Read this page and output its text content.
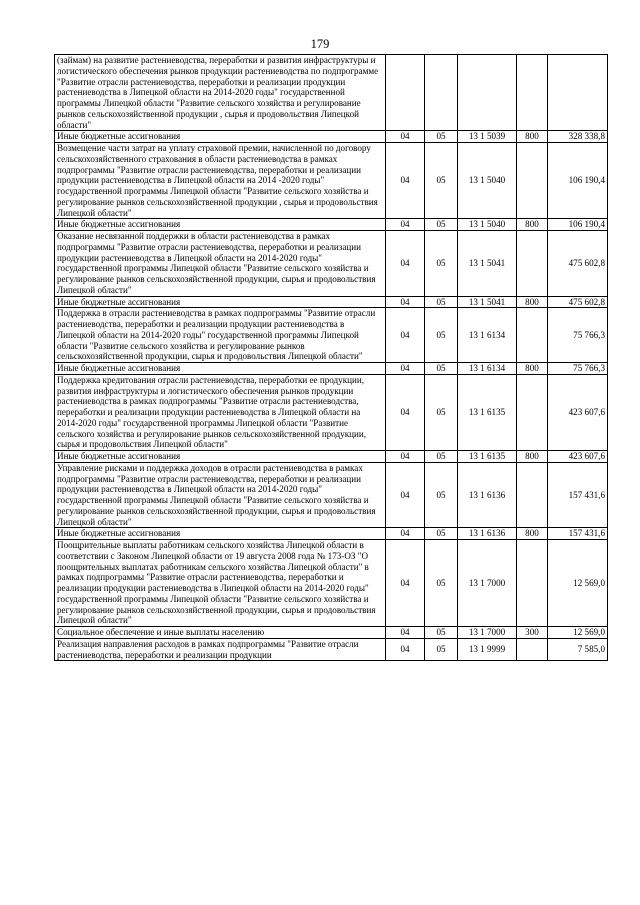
179
(займам) на развитие растениеводства, переработки и развития инфраструктуры и логистического обеспечения рынков продукции растениеводства по подпрограмме "Развитие отрасли растениеводства, переработки и реализации продукции растениеводства в Липецкой области на 2014-2020 годы" государственной программы Липецкой области "Развитие сельского хозяйства и регулирование рынков сельскохозяйственной продукции , сырья и продовольствия Липецкой области"					
Иные бюджетные ассигнования	04	05	13 1 5039	800	328 338,8
Возмещение части затрат на уплату страховой премии, начисленной по договору сельскохозяйственного страхования в области растениеводства в рамках подпрограммы "Развитие отрасли растениеводства, переработки и реализации продукции растениеводства в Липецкой области на 2014 -2020 годы" государственной программы Липецкой области "Развитие сельского хозяйства и регулирование рынков сельскохозяйственной продукции , сырья и продовольствия Липецкой области"	04	05	13 1 5040		106 190,4
Иные бюджетные ассигнования	04	05	13 1 5040	800	106 190,4
Оказание несвязанной поддержки в области растениеводства в рамках подпрограммы "Развитие отрасли растениеводства, переработки и реализации продукции растениеводства в Липецкой области на 2014-2020 годы" государственной программы Липецкой области "Развитие сельского хозяйства и регулирование рынков сельскохозяйственной продукции, сырья и продовольствия Липецкой области"	04	05	13 1 5041		475 602,8
Иные бюджетные ассигнования	04	05	13 1 5041	800	475 602,8
Поддержка в отрасли растениеводства в рамках подпрограммы "Развитие отрасли растениеводства, переработки и реализации продукции растениеводства в Липецкой области на 2014-2020 годы" государственной программы Липецкой области "Развитие сельского хозяйства и регулирование рынков сельскохозяйственной продукции, сырья и продовольствия Липецкой области"	04	05	13 1 6134		75 766,3
Иные бюджетные ассигнования	04	05	13 1 6134	800	75 766,3
Поддержка кредитования отрасли растениеводства, переработки ее продукции, развития инфраструктуры и логистического обеспечения рынков продукции растениеводства в рамках подпрограммы "Развитие отрасли растениеводства, переработки и реализации продукции растениеводства в Липецкой области на 2014-2020 годы" государственной программы Липецкой области "Развитие сельского хозяйства и регулирование рынков сельскохозяйственной продукции, сырья и продовольствия Липецкой области"	04	05	13 1 6135		423 607,6
Иные бюджетные ассигнования	04	05	13 1 6135	800	423 607,6
Управление рисками и поддержка доходов в отрасли растениеводства в рамках подпрограммы "Развитие отрасли растениеводства, переработки и реализации продукции растениеводства в Липецкой области на 2014-2020 годы" государственной программы Липецкой области "Развитие сельского хозяйства и регулирование рынков сельскохозяйственной продукции, сырья и продовольствия Липецкой области"	04	05	13 1 6136		157 431,6
Иные бюджетные ассигнования	04	05	13 1 6136	800	157 431,6
Поощрительные выплаты работникам сельского хозяйства Липецкой области в соответствии с Законом Липецкой области от 19 августа 2008 года № 173-ОЗ "О поощрительных выплатах работникам сельского хозяйства Липецкой области" в рамках подпрограммы "Развитие отрасли растениеводства, переработки и реализации продукции растениеводства в Липецкой области на 2014-2020 годы" государственной программы Липецкой области "Развитие сельского хозяйства и регулирование рынков сельскохозяйственной продукции, сырья и продовольствия Липецкой области"	04	05	13 1 7000		12 569,0
Социальное обеспечение и иные выплаты населению	04	05	13 1 7000	300	12 569,0
Реализация направления расходов в рамках подпрограммы "Развитие отрасли растениеводства, переработки и реализации продукции	04	05	13 1 9999		7 585,0
